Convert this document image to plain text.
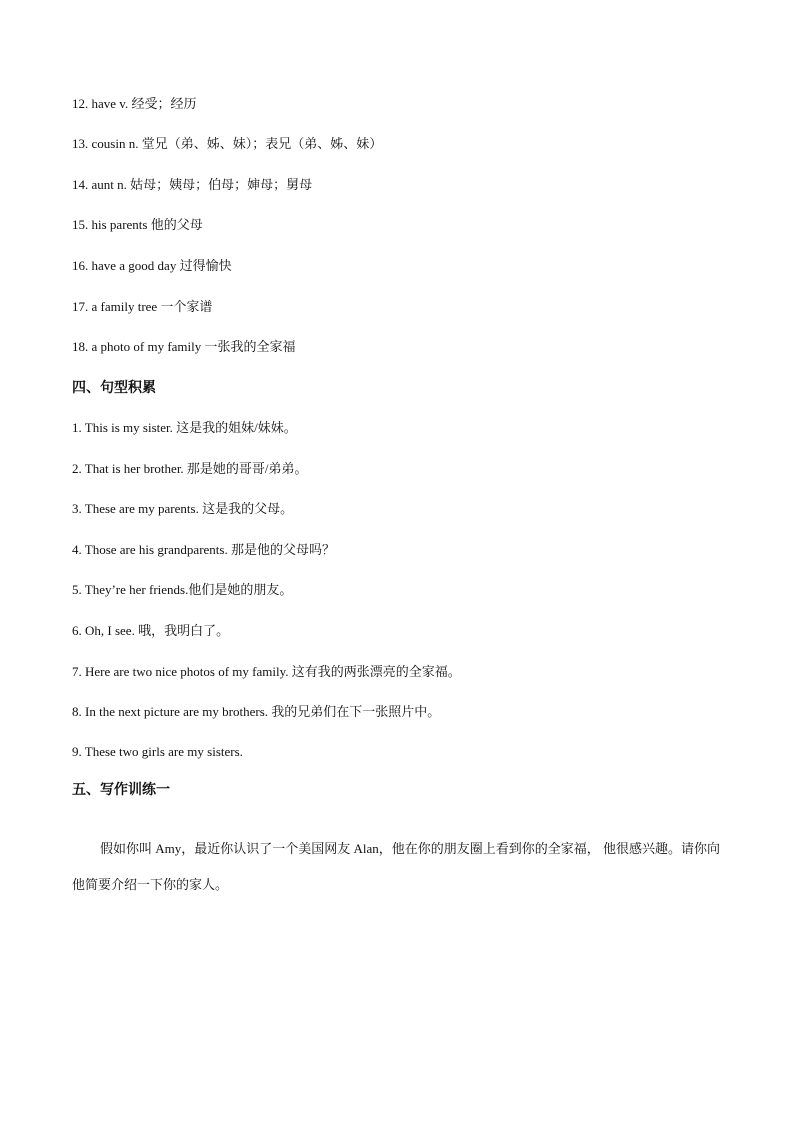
12. have v. 经受；经历
13. cousin n. 堂兄（弟、姊、妹）；表兄（弟、姊、妹）
14. aunt n. 姑母；姨母；伯母；婶母；舅母
15. his parents 他的父母
16. have a good day 过得愉快
17. a family tree 一个家谱
18. a photo of my family 一张我的全家福
四、句型积累
1. This is my sister. 这是我的姐妹/妹妹。
2. That is her brother. 那是她的哥哥/弟弟。
3. These are my parents. 这是我的父母。
4. Those are his grandparents. 那是他的父母吗？
5. They’re her friends.他们是她的朋友。
6. Oh, I see. 哦，我明白了。
7. Here are two nice photos of my family. 这有我的两张漂亮的全家福。
8. In the next picture are my brothers. 我的兄弟们在下一张照片中。
9. These two girls are my sisters.
五、写作训练一
假如你叫 Amy，最近你认识了一个美国网友 Alan，他在你的朋友圈上看到你的全家福， 他很感兴趣。请你向他简要介绍一下你的家人。
